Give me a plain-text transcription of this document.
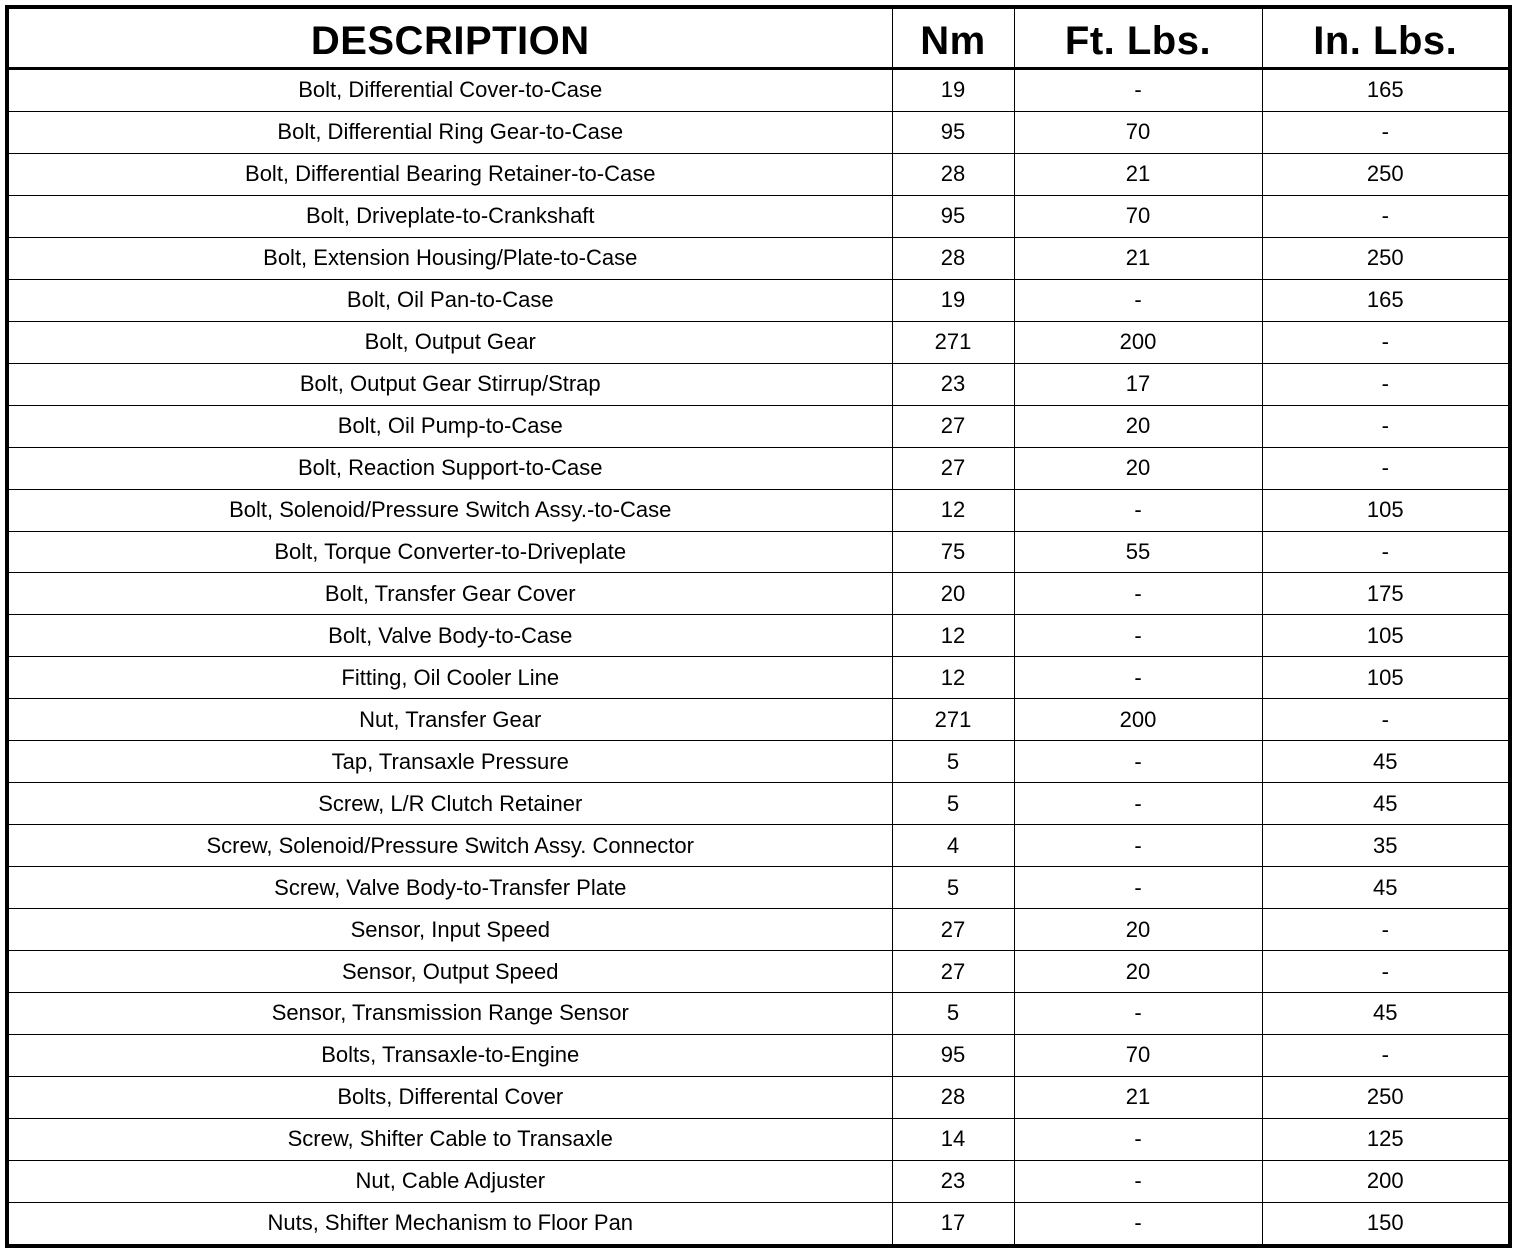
DESCRIPTION	Nm	Ft. Lbs.	In. Lbs.
Bolt, Differential Cover-to-Case	19	-	165
Bolt, Differential Ring Gear-to-Case	95	70	-
Bolt, Differential Bearing Retainer-to-Case	28	21	250
Bolt, Driveplate-to-Crankshaft	95	70	-
Bolt, Extension Housing/Plate-to-Case	28	21	250
Bolt, Oil Pan-to-Case	19	-	165
Bolt, Output Gear	271	200	-
Bolt, Output Gear Stirrup/Strap	23	17	-
Bolt, Oil Pump-to-Case	27	20	-
Bolt, Reaction Support-to-Case	27	20	-
Bolt, Solenoid/Pressure Switch Assy.-to-Case	12	-	105
Bolt, Torque Converter-to-Driveplate	75	55	-
Bolt, Transfer Gear Cover	20	-	175
Bolt, Valve Body-to-Case	12	-	105
Fitting, Oil Cooler Line	12	-	105
Nut, Transfer Gear	271	200	-
Tap, Transaxle Pressure	5	-	45
Screw, L/R Clutch Retainer	5	-	45
Screw, Solenoid/Pressure Switch Assy. Connector	4	-	35
Screw, Valve Body-to-Transfer Plate	5	-	45
Sensor, Input Speed	27	20	-
Sensor, Output Speed	27	20	-
Sensor, Transmission Range Sensor	5	-	45
Bolts, Transaxle-to-Engine	95	70	-
Bolts, Differental Cover	28	21	250
Screw, Shifter Cable to Transaxle	14	-	125
Nut, Cable Adjuster	23	-	200
Nuts, Shifter Mechanism to Floor Pan	17	-	150
